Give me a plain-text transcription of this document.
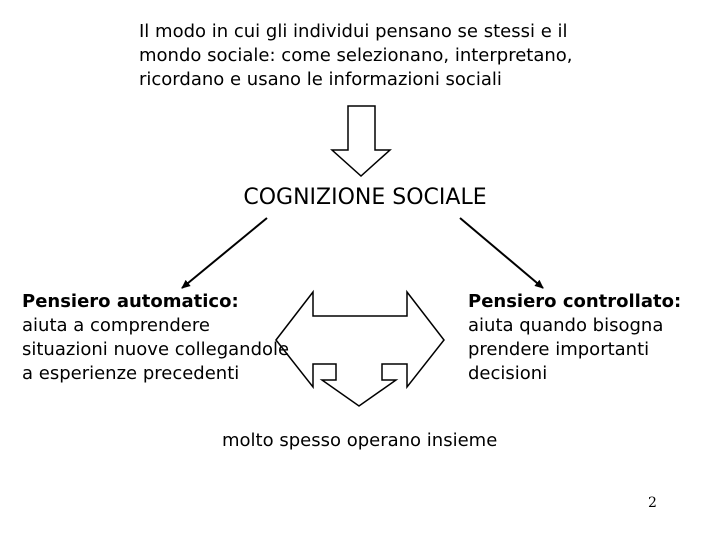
Il modo in cui gli individui pensano se stessi e il
mondo sociale: come selezionano, interpretano,
ricordano e usano le informazioni sociali
COGNIZIONE SOCIALE
Pensiero automatico:
aiuta a comprendere
situazioni nuove collegandole
a esperienze precedenti
Pensiero controllato:
aiuta quando bisogna
prendere importanti
decisioni
molto spesso operano insieme
2
